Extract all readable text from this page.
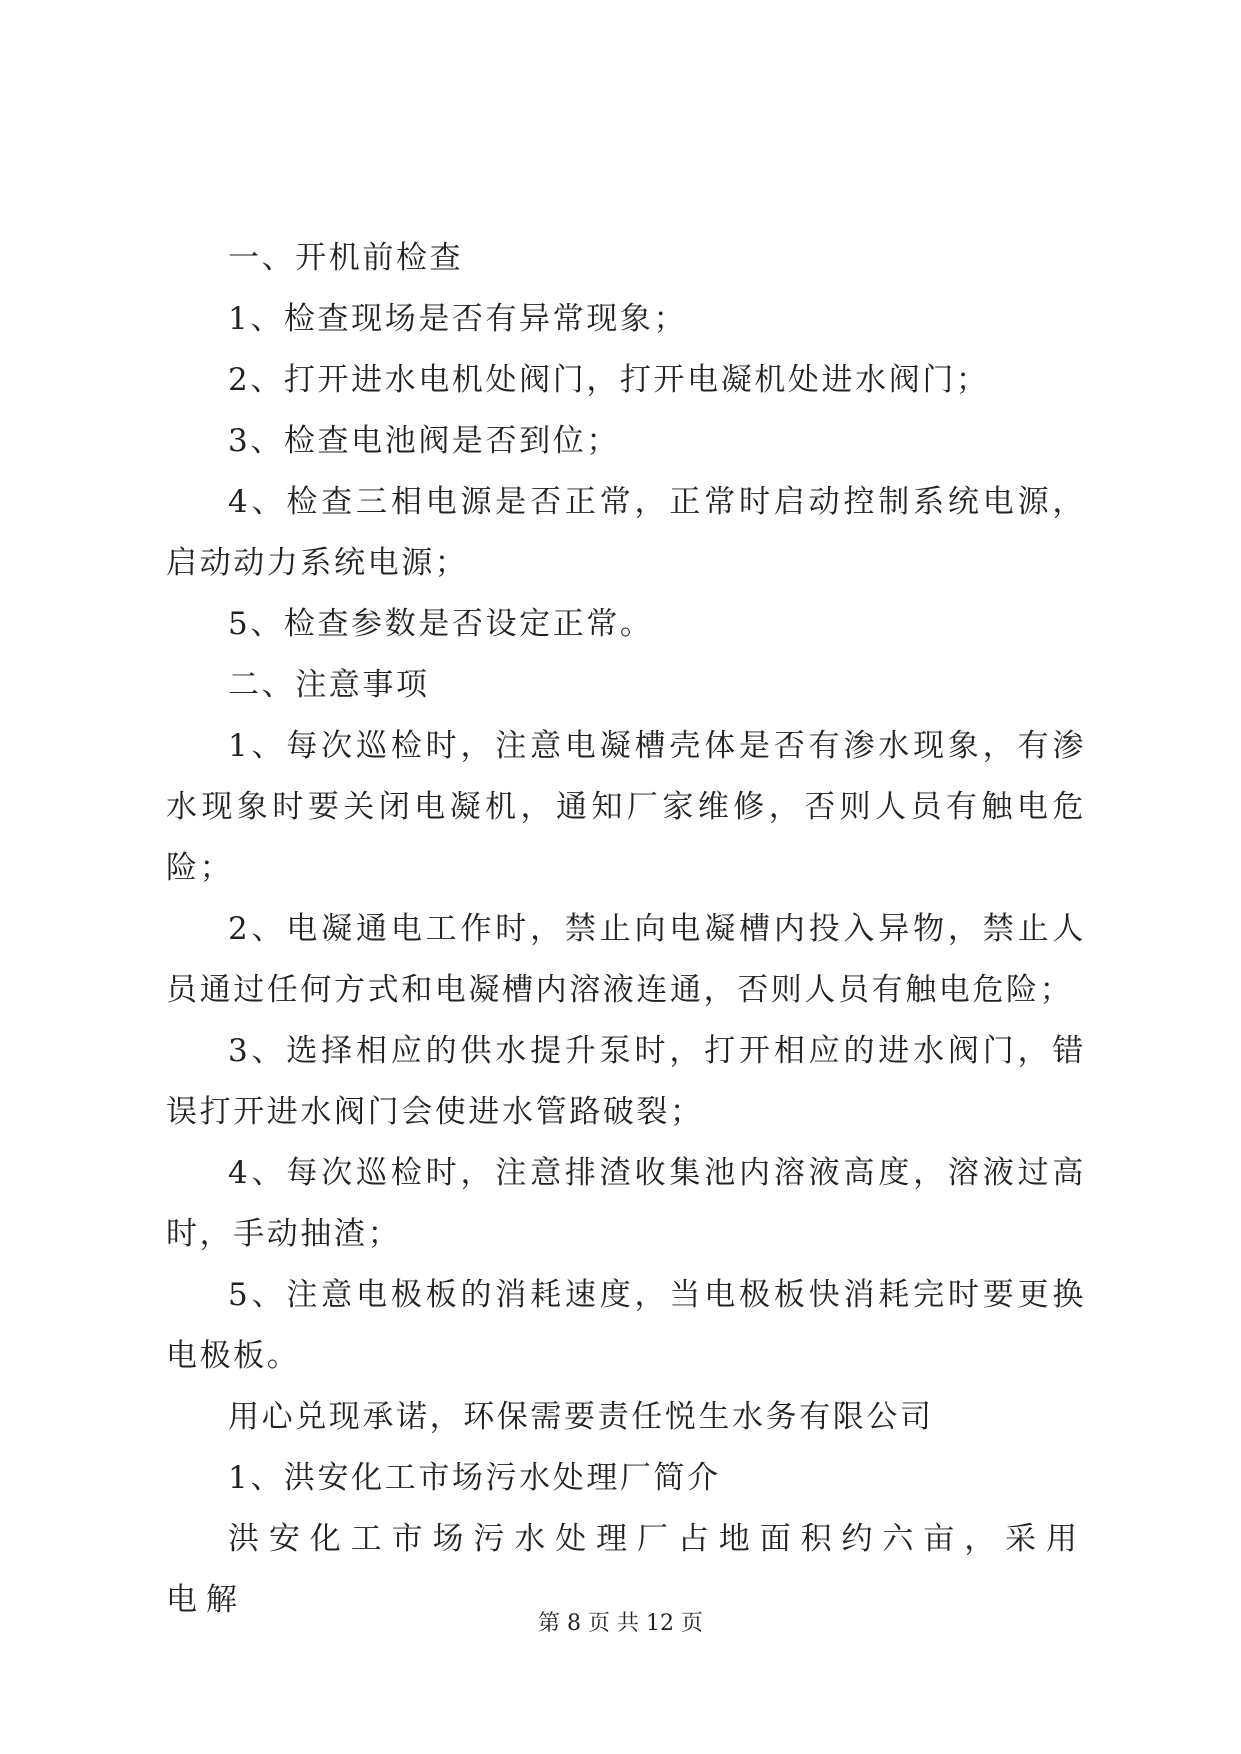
一、开机前检查

1、检查现场是否有异常现象；

2、打开进水电机处阀门，打开电凝机处进水阀门；

3、检查电池阀是否到位；

4、检查三相电源是否正常，正常时启动控制系统电源，启动动力系统电源；

5、检查参数是否设定正常。

二、注意事项

1、每次巡检时，注意电凝槽壳体是否有渗水现象，有渗水现象时要关闭电凝机，通知厂家维修，否则人员有触电危险；

2、电凝通电工作时，禁止向电凝槽内投入异物，禁止人员通过任何方式和电凝槽内溶液连通，否则人员有触电危险；

3、选择相应的供水提升泵时，打开相应的进水阀门，错误打开进水阀门会使进水管路破裂；

4、每次巡检时，注意排渣收集池内溶液高度，溶液过高时，手动抽渣；

5、注意电极板的消耗速度，当电极板快消耗完时要更换电极板。

用心兑现承诺，环保需要责任悦生水务有限公司

1、洪安化工市场污水处理厂简介

洪安化工市场污水处理厂占地面积约六亩，采用电解

第 8 页 共 12 页
